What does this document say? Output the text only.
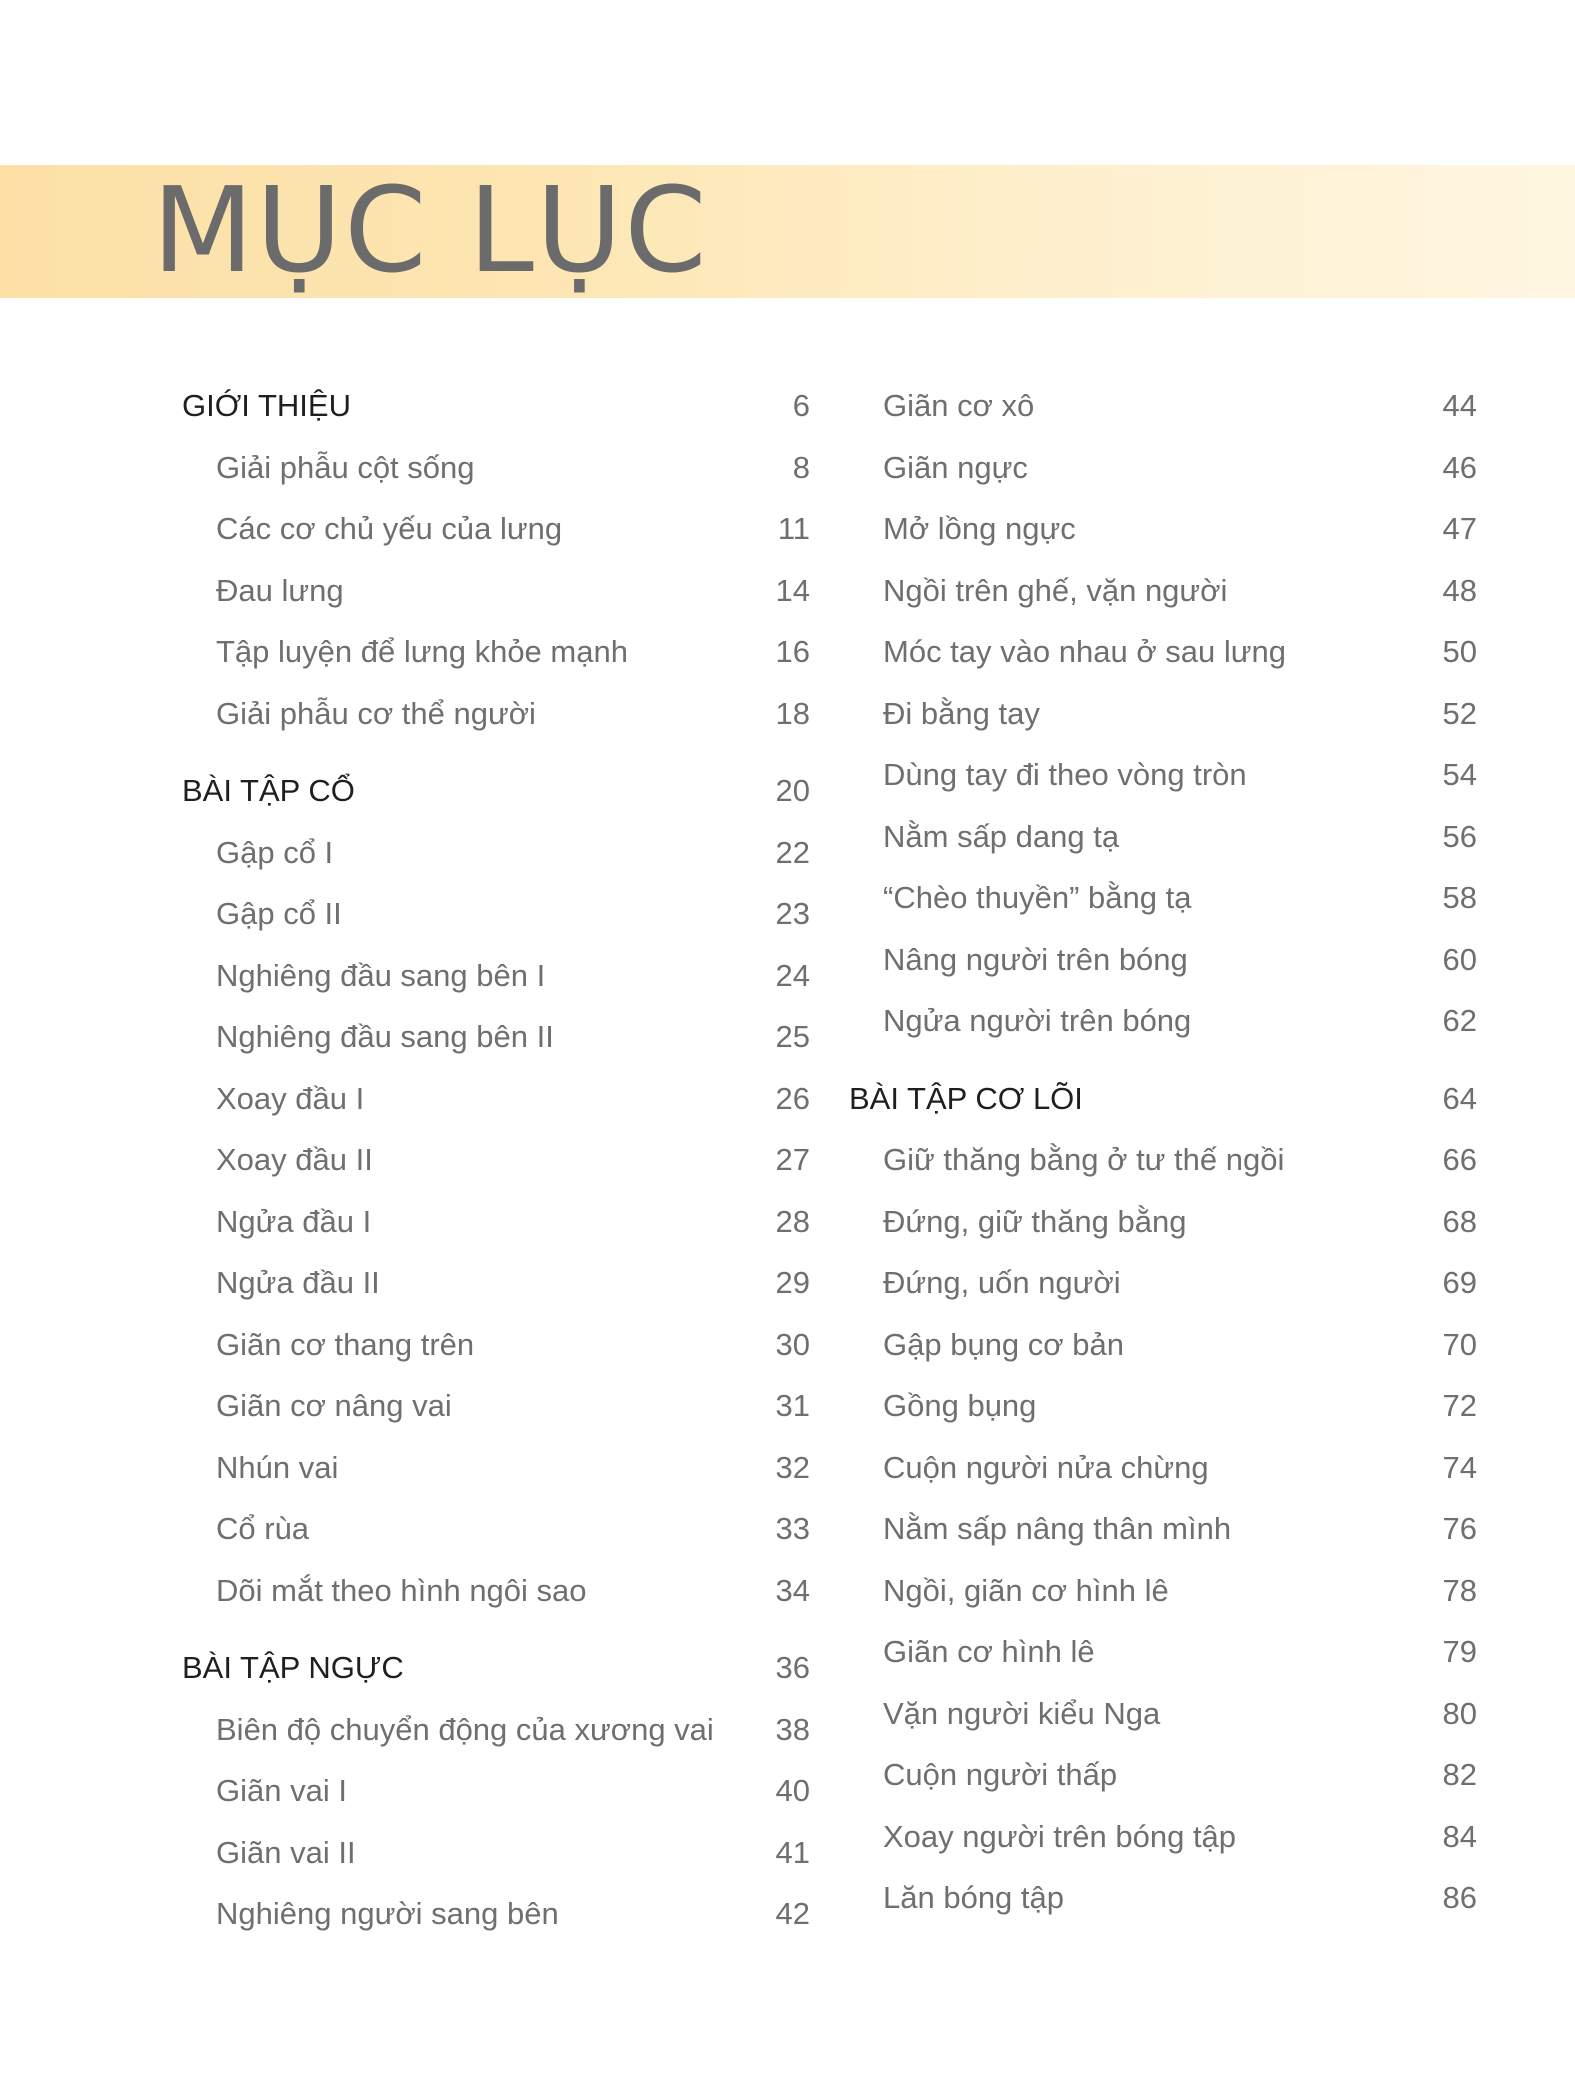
MỤC LỤC
GIỚI THIỆU	6
Giải phẫu cột sống	8
Các cơ chủ yếu của lưng	11
Đau lưng	14
Tập luyện để lưng khỏe mạnh	16
Giải phẫu cơ thể người	18
BÀI TẬP CỔ	20
Gập cổ I	22
Gập cổ II	23
Nghiêng đầu sang bên I	24
Nghiêng đầu sang bên II	25
Xoay đầu I	26
Xoay đầu II	27
Ngửa đầu I	28
Ngửa đầu II	29
Giãn cơ thang trên	30
Giãn cơ nâng vai	31
Nhún vai	32
Cổ rùa	33
Dõi mắt theo hình ngôi sao	34
BÀI TẬP NGỰC	36
Biên độ chuyển động của xương vai	38
Giãn vai I	40
Giãn vai II	41
Nghiêng người sang bên	42
Giãn cơ xô	44
Giãn ngực	46
Mở lồng ngực	47
Ngồi trên ghế, vặn người	48
Móc tay vào nhau ở sau lưng	50
Đi bằng tay	52
Dùng tay đi theo vòng tròn	54
Nằm sấp dang tạ	56
“Chèo thuyền” bằng tạ	58
Nâng người trên bóng	60
Ngửa người trên bóng	62
BÀI TẬP CƠ LÕI	64
Giữ thăng bằng ở tư thế ngồi	66
Đứng, giữ thăng bằng	68
Đứng, uốn người	69
Gập bụng cơ bản	70
Gồng bụng	72
Cuộn người nửa chừng	74
Nằm sấp nâng thân mình	76
Ngồi, giãn cơ hình lê	78
Giãn cơ hình lê	79
Vặn người kiểu Nga	80
Cuộn người thấp	82
Xoay người trên bóng tập	84
Lăn bóng tập	86
